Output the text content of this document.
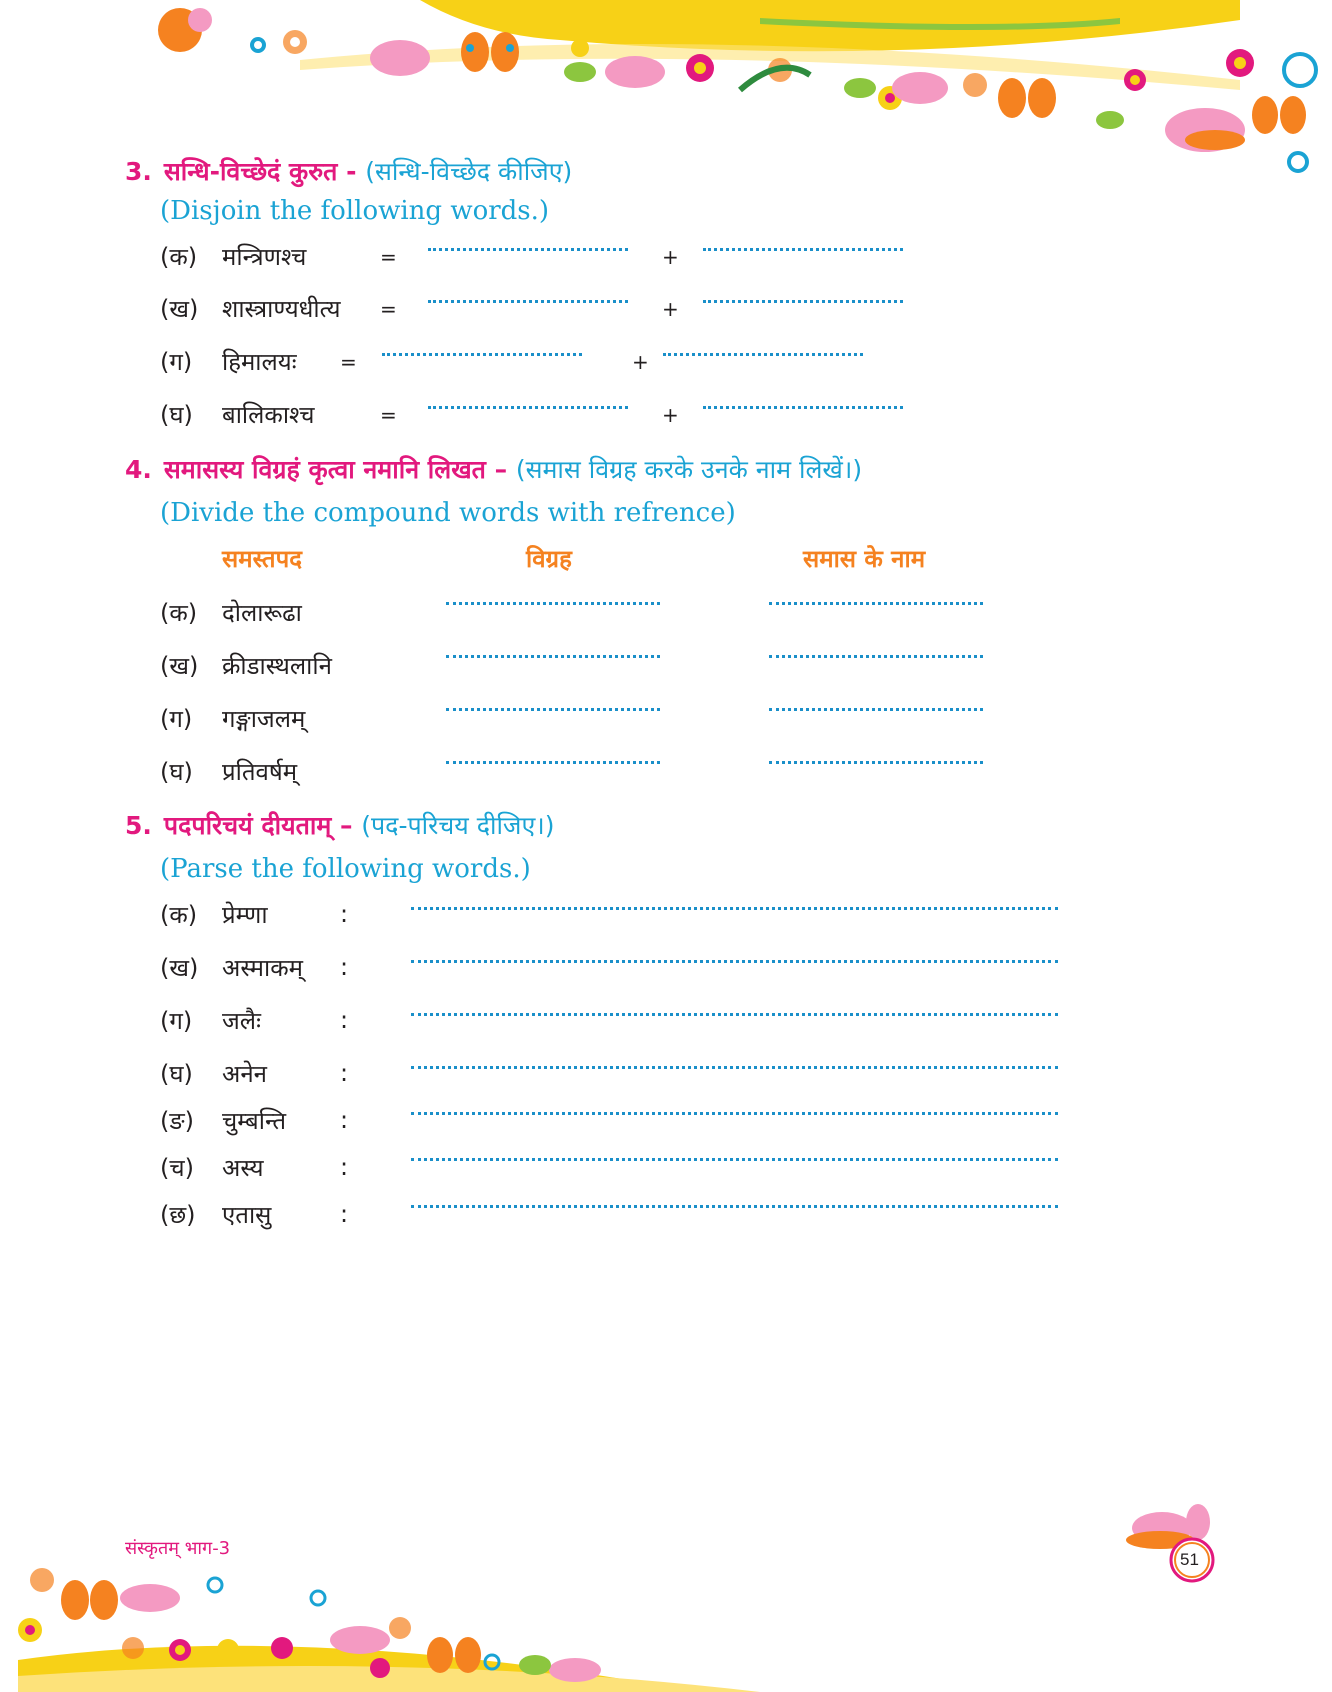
3. सन्धि-विच्छेदं कुरुत - (सन्धि-विच्छेद कीजिए)
(Disjoin the following words.)
(क) मन्त्रिणश्च	=	+
(ख) शास्त्राण्यधीत्य =	+
(ग) हिमालयः =	+
(घ) बालिकाश्च	=	+
4. समासस्य विग्रहं कृत्वा नमानि लिखत – (समास विग्रह करके उनके नाम लिखें।)
(Divide the compound words with refrence)
समस्तपद	विग्रह	समास के नाम
(क) दोलारूढा
(ख) क्रीडास्थलानि
(ग) गङ्गाजलम्
(घ) प्रतिवर्षम्
5. पदपरिचयं दीयताम् – (पद-परिचय दीजिए।)
(Parse the following words.)
(क) प्रेम्णा	:
(ख) अस्माकम् :
(ग) जलैः	:
(घ) अनेन	:
(ङ) चुम्बन्ति :
(च) अस्य	:
(छ) एतासु	:
संस्कृतम् भाग-3
51
